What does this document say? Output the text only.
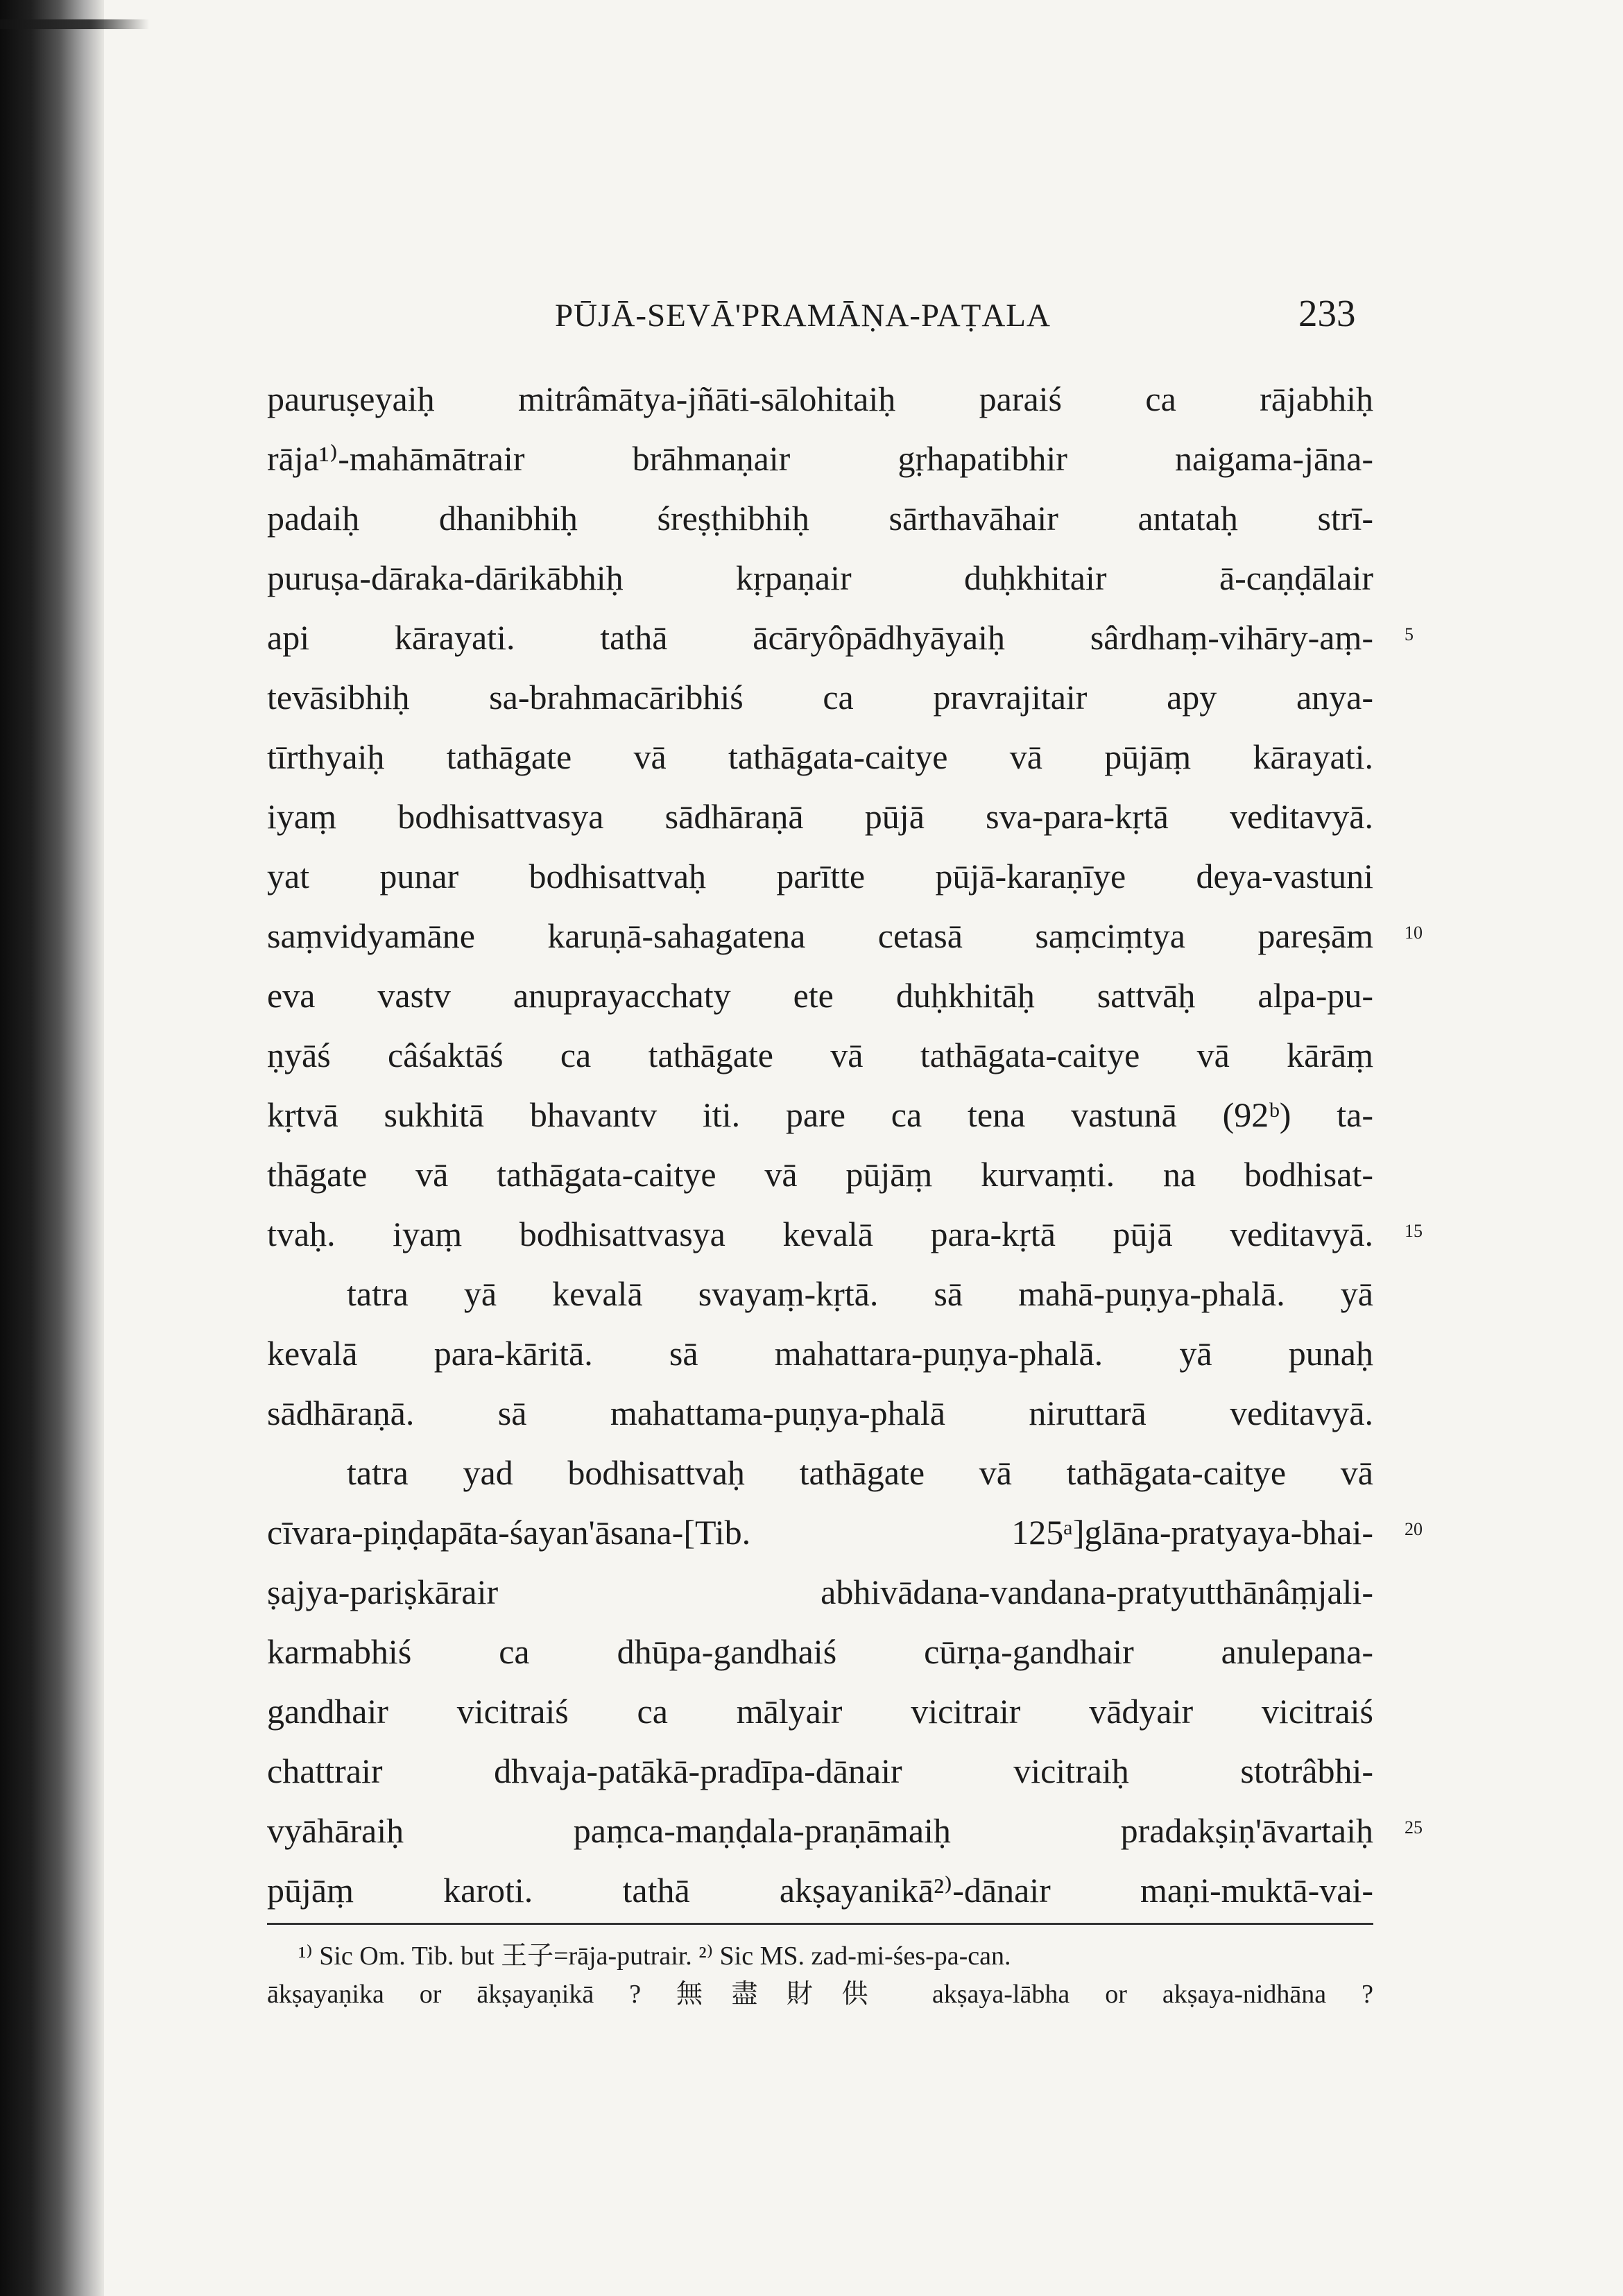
PŪJĀ-SEVĀ'PRAMĀṆA-PAṬALA	233
pauruṣeyaiḥ mitrâmātya-jñāti-sālohitaiḥ paraiś ca rājabhiḥ
rāja¹⁾-mahāmātrair brāhmaṇair gṛhapatibhir naigama-jāna-
padaiḥ dhanibhiḥ śreṣṭhibhiḥ sārthavāhair antataḥ strī-
puruṣa-dāraka-dārikābhiḥ kṛpaṇair duḥkhitair ā-caṇḍālair
api kārayati. tathā ācāryôpādhyāyaiḥ sârdhaṃ-vihāry-aṃ-
tevāsibhiḥ sa-brahmacāribhiś ca pravrajitair apy anya-
tīrthyaiḥ tathāgate vā tathāgata-caitye vā pūjāṃ kārayati.
iyaṃ bodhisattvasya sādhāraṇā pūjā sva-para-kṛtā veditavyā.
yat punar bodhisattvaḥ parītte pūjā-karaṇīye deya-vastuni
saṃvidyamāne karuṇā-sahagatena cetasā saṃciṃtya pareṣām
eva vastv anuprayacchaty ete duḥkhitāḥ sattvāḥ alpa-pu-
ṇyāś câśaktāś ca tathāgate vā tathāgata-caitye vā kārāṃ
kṛtvā sukhitā bhavantv iti. pare ca tena vastunā (92ᵇ) ta-
thāgate vā tathāgata-caitye vā pūjāṃ kurvaṃti. na bodhisat-
tvaḥ. iyaṃ bodhisattvasya kevalā para-kṛtā pūjā veditavyā.
tatra yā kevalā svayaṃ-kṛtā. sā mahā-puṇya-phalā. yā
kevalā para-kāritā. sā mahattara-puṇya-phalā. yā punaḥ
sādhāraṇā. sā mahattama-puṇya-phalā niruttarā veditavyā.
tatra yad bodhisattvaḥ tathāgate vā tathāgata-caitye vā
cīvara-piṇḍapāta-śayan'āsana-[Tib. 125ᵃ]glāna-pratyaya-bhai-
ṣajya-pariṣkārair abhivādana-vandana-pratyutthānâṃjali-
karmabhiś ca dhūpa-gandhaiś cūrṇa-gandhair anulepana-
gandhair vicitraiś ca mālyair vicitrair vādyair vicitraiś
chattrair dhvaja-patākā-pradīpa-dānair vicitraiḥ stotrâbhi-
vyāhāraiḥ paṃca-maṇḍala-praṇāmaiḥ pradakṣiṇ'āvartaiḥ
pūjāṃ karoti. tathā akṣayanikā²⁾-dānair maṇi-muktā-vai-
5
10
15
20
25
¹⁾ Sic Om. Tib. but 王子=rāja-putrair. ²⁾ Sic MS. zad-mi-śes-pa-can.
ākṣayaṇika or ākṣayaṇikā ? 無盡財供 akṣaya-lābha or akṣaya-nidhāna ?
